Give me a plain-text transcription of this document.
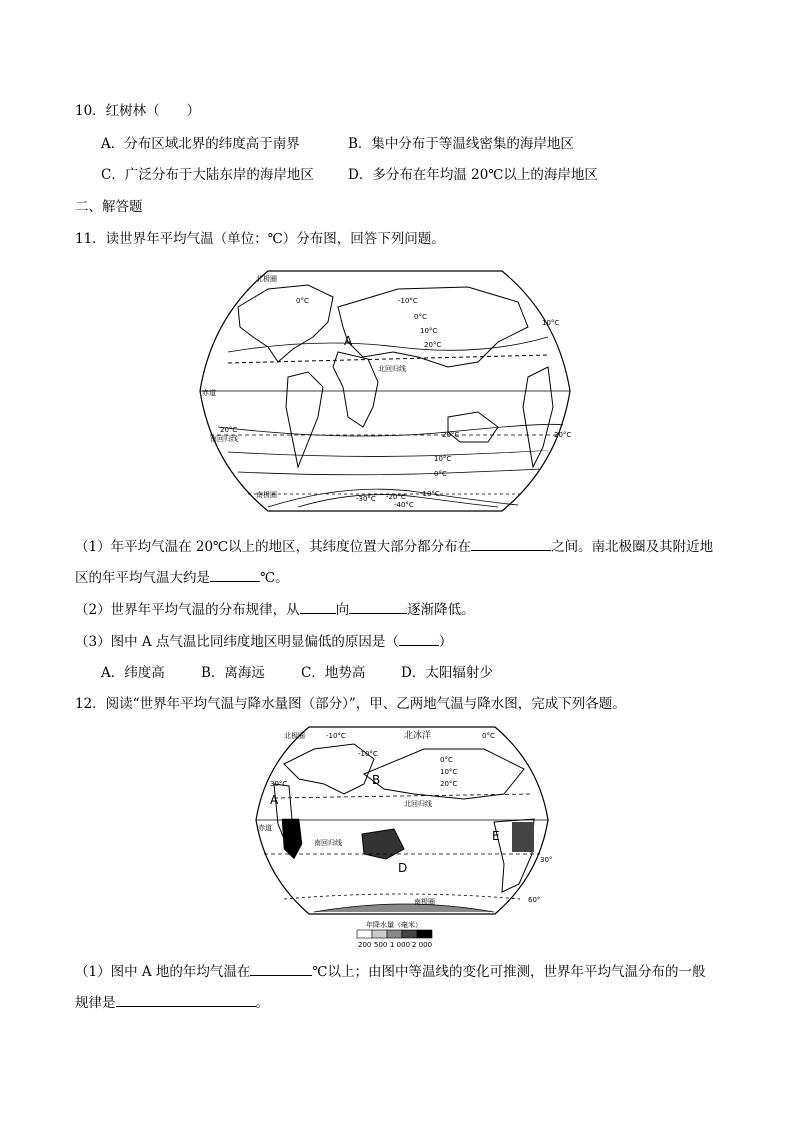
10．红树林（　　）
A．分布区域北界的纬度高于南界	B．集中分布于等温线密集的海岸地区
C．广泛分布于大陆东岸的海岸地区	D．多分布在年均温 20℃以上的海岸地区
二、解答题
11．读世界年平均气温（单位：℃）分布图，回答下列问题。
北回归线
赤道
南回归线
南极圈
北极圈
A
-10°C
0°C
10°C
20°C
20°C
20°C
10°C
0°C
-10°C
-20°C
-30°C
-40°C
0°C
10°C
20°C
（1）年平均气温在 20℃以上的地区，其纬度位置大部分都分布在	之间。南北极圈及其附近地
区的年平均气温大约是	℃。
（2）世界年平均气温的分布规律，从	向	逐渐降低。
（3）图中 A 点气温比同纬度地区明显偏低的原因是（	）
A．纬度高	B．离海远	C．地势高	D．太阳辐射少
12．阅读“世界年平均气温与降水量图（部分）”，甲、乙两地气温与降水图，完成下列各题。
北冰洋
北极圈
北回归线
赤道
南回归线
南极圈
A
B
D
E
-10°C
0°C
10°C
20°C
30°C
-10°C
0°C
30°
60°
年降水量（毫米）
200 500 1 000 2 000
（1）图中 A 地的年均气温在	℃以上；由图中等温线的变化可推测，世界年平均气温分布的一般
规律是	。
